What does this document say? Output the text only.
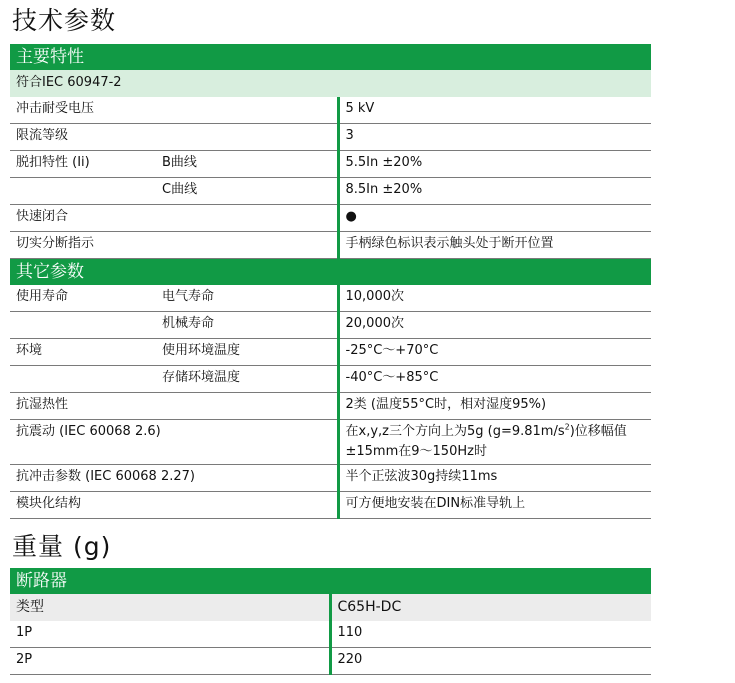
技术参数
主要特性		
符合IEC 60947-2		
冲击耐受电压		5 kV
限流等级		3
脱扣特性 (Ii)	B曲线	5.5In ±20%
	C曲线	8.5In ±20%
快速闭合		●
切实分断指示		手柄绿色标识表示触头处于断开位置
其它参数		
使用寿命	电气寿命	10,000次
	机械寿命	20,000次
环境	使用环境温度	-25°C～+70°C
	存储环境温度	-40°C～+85°C
抗湿热性		2类 (温度55°C时，相对湿度95%)
抗震动 (IEC 60068 2.6)		在x,y,z三个方向上为5g $(g=9.81m/s^2)$位移幅值 ±15mm在9～150Hz时
抗冲击参数 (IEC 60068 2.27)		半个正弦波30g持续11ms
模块化结构		可方便地安装在DIN标准导轨上
重量 (g)
断路器	
类型	C65H-DC
1P	110
2P	220
